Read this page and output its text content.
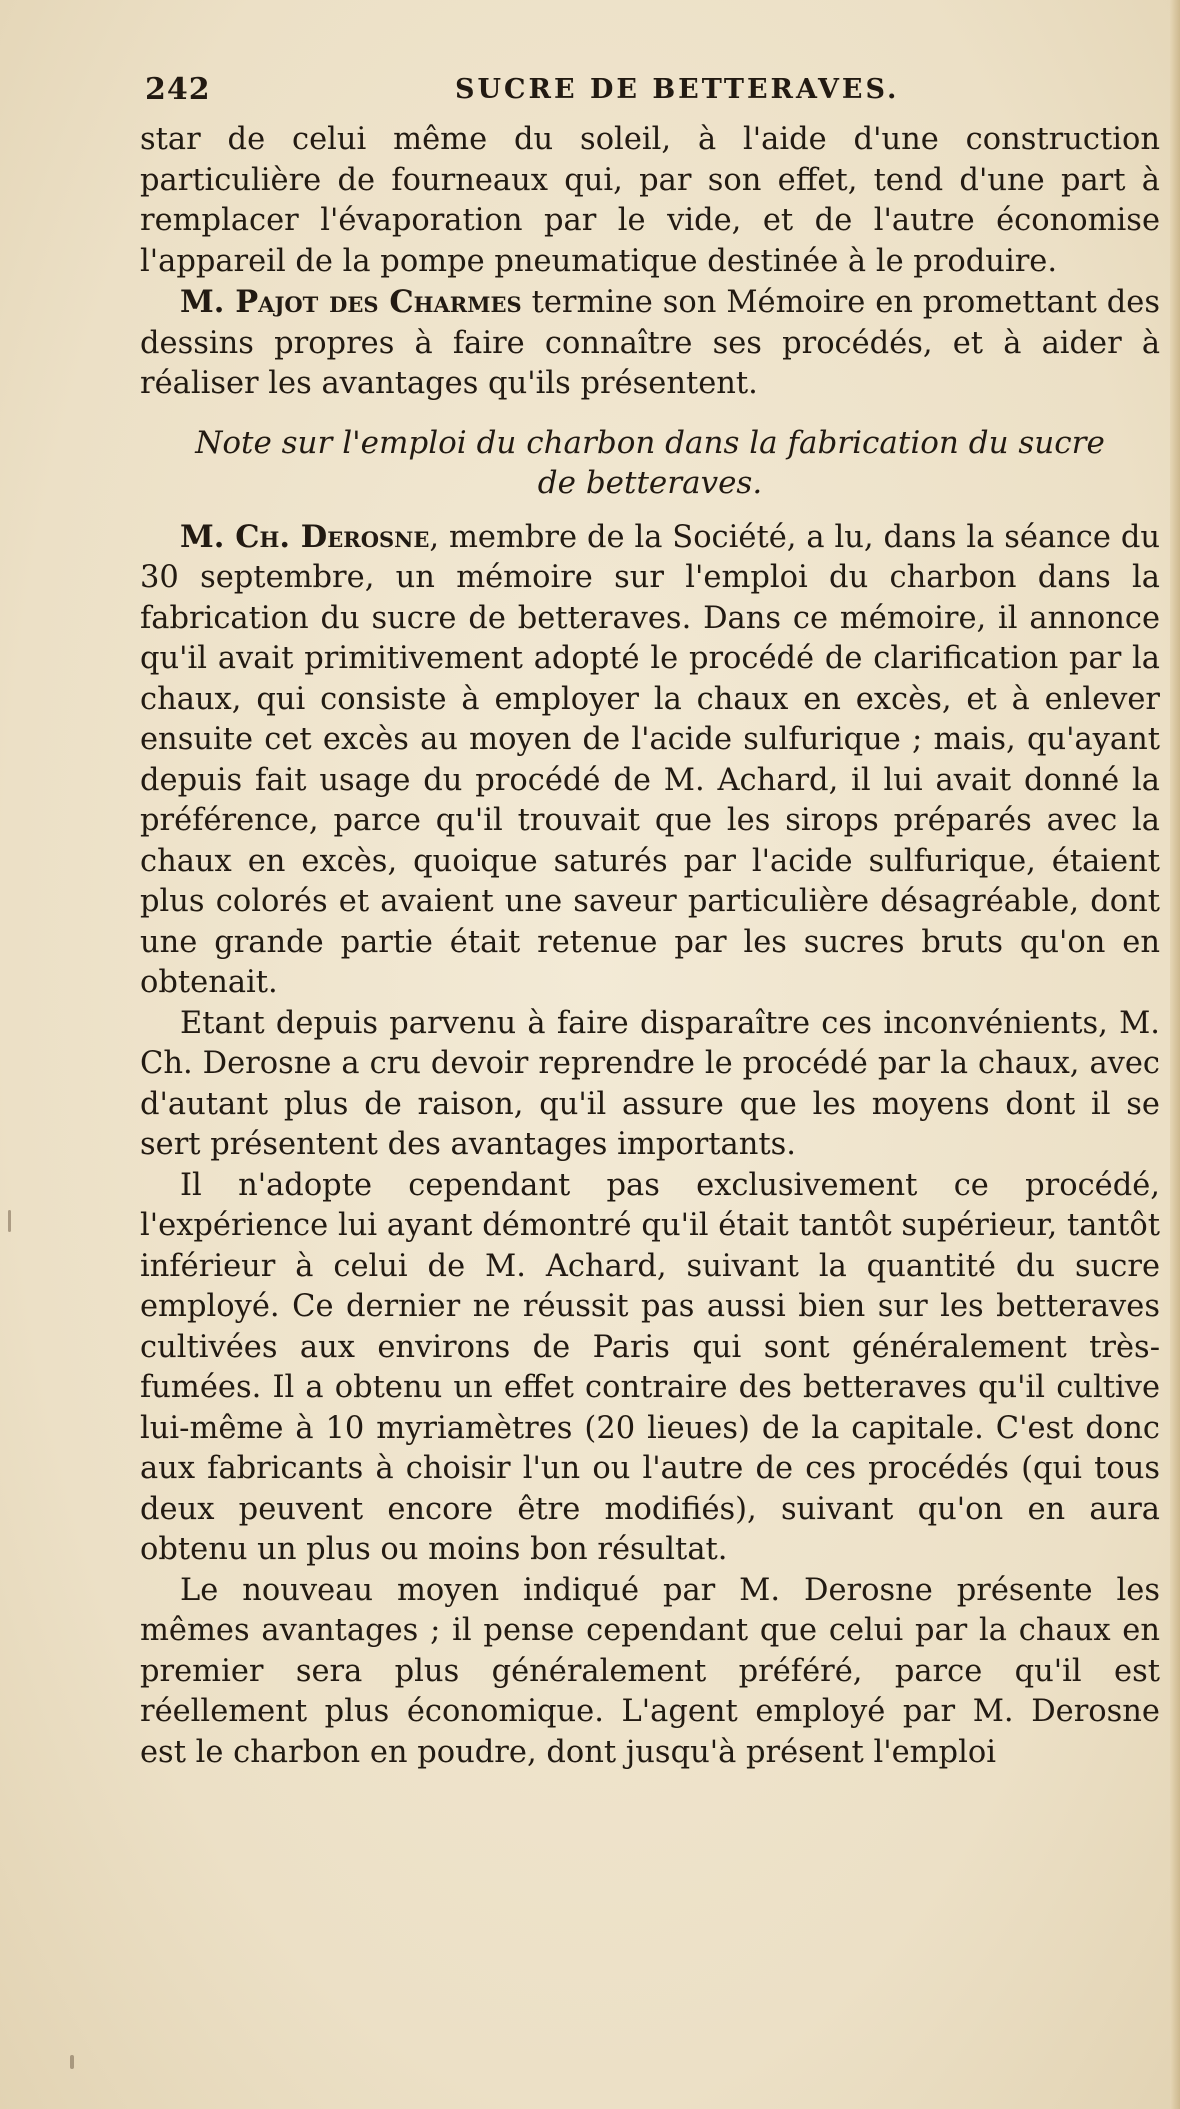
242	SUCRE DE BETTERAVES.

star de celui même du soleil, à l'aide d'une construction particulière de fourneaux qui, par son effet, tend d'une part à remplacer l'évaporation par le vide, et de l'autre économise l'appareil de la pompe pneumatique destinée à le produire.

M. Pajot des Charmes termine son Mémoire en promettant des dessins propres à faire connaître ses procédés, et à aider à réaliser les avantages qu'ils présentent.

Note sur l'emploi du charbon dans la fabrication du sucre
de betteraves.

M. Ch. Derosne, membre de la Société, a lu, dans la séance du 30 septembre, un mémoire sur l'emploi du charbon dans la fabrication du sucre de betteraves. Dans ce mémoire, il annonce qu'il avait primitivement adopté le procédé de clarification par la chaux, qui consiste à employer la chaux en excès, et à enlever ensuite cet excès au moyen de l'acide sulfurique ; mais, qu'ayant depuis fait usage du procédé de M. Achard, il lui avait donné la préférence, parce qu'il trouvait que les sirops préparés avec la chaux en excès, quoique saturés par l'acide sulfurique, étaient plus colorés et avaient une saveur particulière désagréable, dont une grande partie était retenue par les sucres bruts qu'on en obtenait.

Etant depuis parvenu à faire disparaître ces inconvénients, M. Ch. Derosne a cru devoir reprendre le procédé par la chaux, avec d'autant plus de raison, qu'il assure que les moyens dont il se sert présentent des avantages importants.

Il n'adopte cependant pas exclusivement ce procédé, l'expérience lui ayant démontré qu'il était tantôt supérieur, tantôt inférieur à celui de M. Achard, suivant la quantité du sucre employé. Ce dernier ne réussit pas aussi bien sur les betteraves cultivées aux environs de Paris qui sont généralement très-fumées. Il a obtenu un effet contraire des betteraves qu'il cultive lui-même à 10 myriamètres (20 lieues) de la capitale. C'est donc aux fabricants à choisir l'un ou l'autre de ces procédés (qui tous deux peuvent encore être modifiés), suivant qu'on en aura obtenu un plus ou moins bon résultat.

Le nouveau moyen indiqué par M. Derosne présente les mêmes avantages ; il pense cependant que celui par la chaux en premier sera plus généralement préféré, parce qu'il est réellement plus économique. L'agent employé par M. Derosne est le charbon en poudre, dont jusqu'à présent l'emploi
